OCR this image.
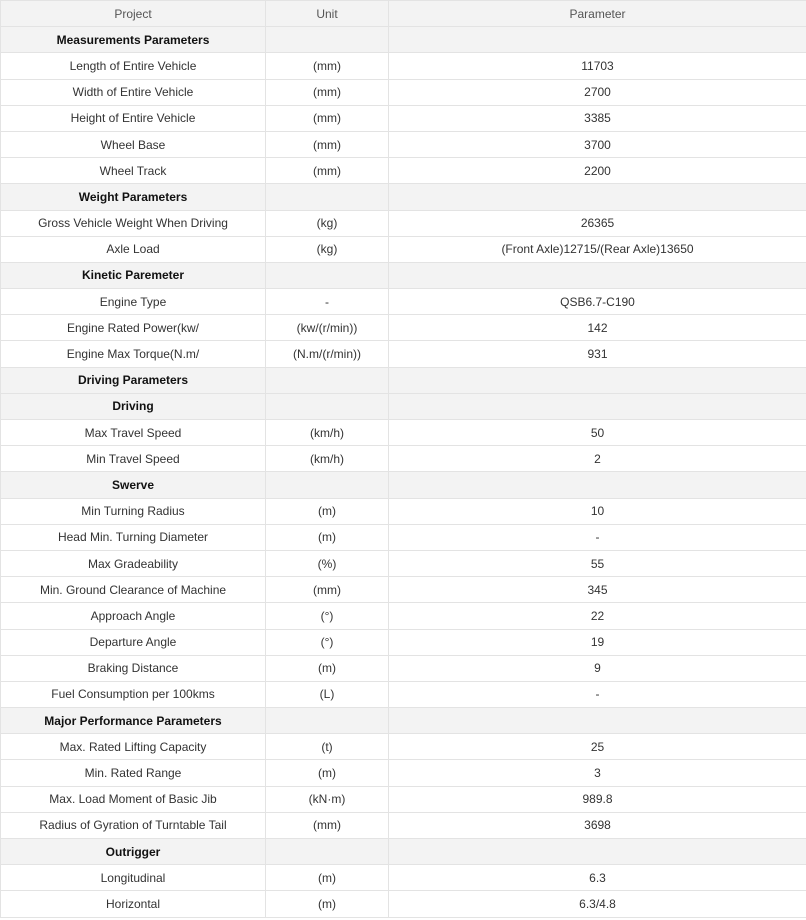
Project	Unit	Parameter
Measurements Parameters		
Length of Entire Vehicle	(mm)	11703
Width of Entire Vehicle	(mm)	2700
Height of Entire Vehicle	(mm)	3385
Wheel Base	(mm)	3700
Wheel Track	(mm)	2200
Weight Parameters		
Gross Vehicle Weight When Driving	(kg)	26365
Axle Load	(kg)	(Front Axle)12715/(Rear Axle)13650
Kinetic Paremeter		
Engine Type	-	QSB6.7-C190
Engine Rated Power(kw/	(kw/(r/min))	142
Engine Max Torque(N.m/	(N.m/(r/min))	931
Driving Parameters		
Driving		
Max Travel Speed	(km/h)	50
Min Travel Speed	(km/h)	2
Swerve		
Min Turning Radius	(m)	10
Head Min. Turning Diameter	(m)	-
Max Gradeability	(%)	55
Min. Ground Clearance of Machine	(mm)	345
Approach Angle	(°)	22
Departure Angle	(°)	19
Braking Distance	(m)	9
Fuel Consumption per 100kms	(L)	-
Major Performance Parameters		
Max. Rated Lifting Capacity	(t)	25
Min. Rated Range	(m)	3
Max. Load Moment of Basic Jib	(kN·m)	989.8
Radius of Gyration of Turntable Tail	(mm)	3698
Outrigger		
Longitudinal	(m)	6.3
Horizontal	(m)	6.3/4.8
